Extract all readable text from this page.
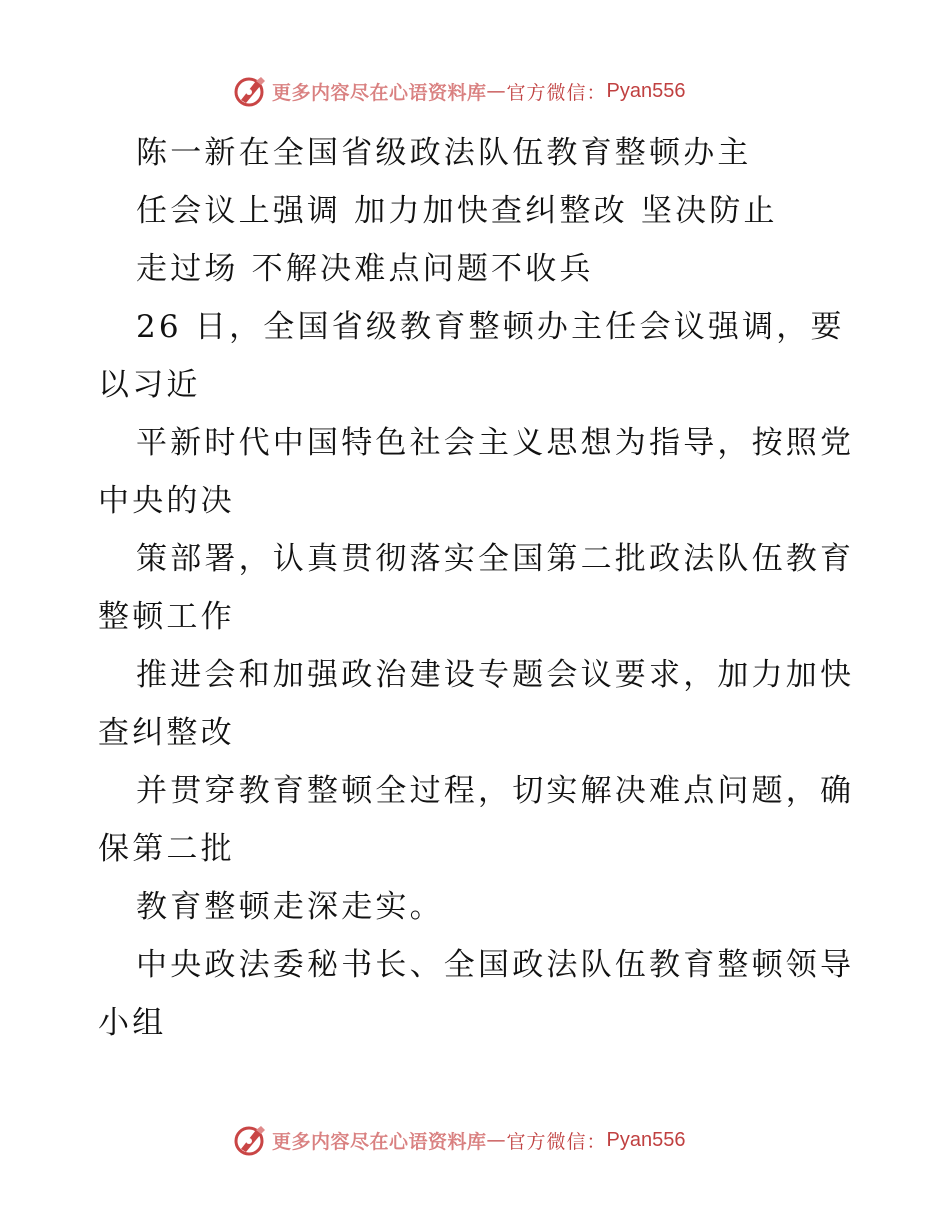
更多内容尽在心语资料库 — 官方微信： Pyan556
陈一新在全国省级政法队伍教育整顿办主
任会议上强调 加力加快查纠整改 坚决防止
走过场 不解决难点问题不收兵
26 日，全国省级教育整顿办主任会议强调，要
以习近
平新时代中国特色社会主义思想为指导，按照党
中央的决
策部署，认真贯彻落实全国第二批政法队伍教育
整顿工作
推进会和加强政治建设专题会议要求，加力加快
查纠整改
并贯穿教育整顿全过程，切实解决难点问题，确
保第二批
教育整顿走深走实。
中央政法委秘书长、全国政法队伍教育整顿领导
小组
更多内容尽在心语资料库 — 官方微信： Pyan556
